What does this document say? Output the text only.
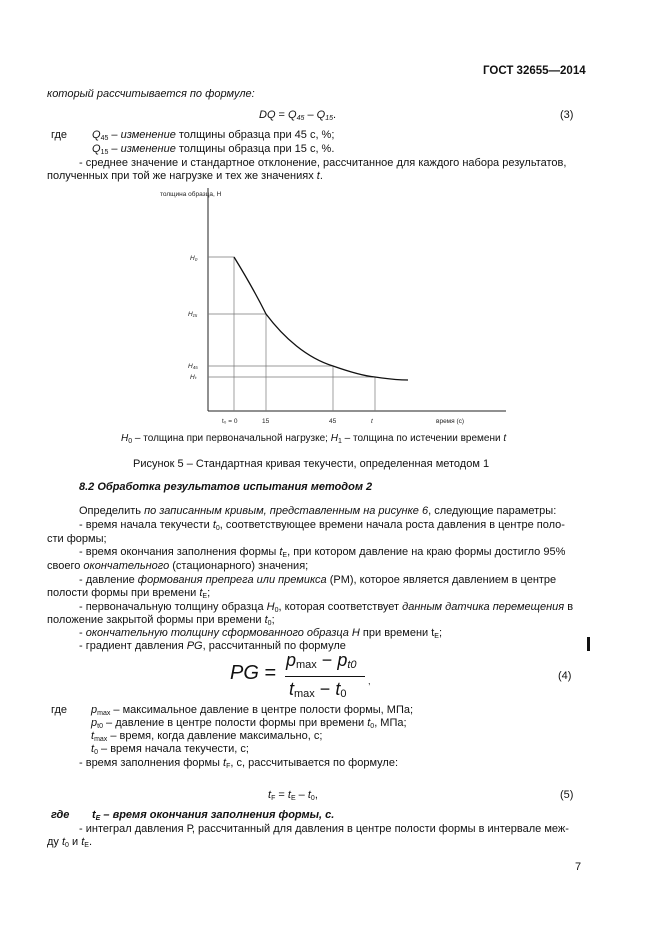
ГОСТ 32655—2014
который рассчитывается по формуле:
DQ = $Q_{45} - Q_{15}$.	(3)
где $Q_{45}$ – изменение толщины образца при 45 с, %;
$Q_{15}$ – изменение толщины образца при 15 с, %.
- среднее значение и стандартное отклонение, рассчитанное для каждого набора результатов,
полученных при той же нагрузке и тех же значениях t.
толщина образца, Н
время (с)
H₀
H₁₅
H₄₅
Hₜ
t₀ = 0	15	45	t
$H_0$ – толщина при первоначальной нагрузке; $H_1$ – толщина по истечении времени t
Рисунок 5 – Стандартная кривая текучести, определенная методом 1
8.2 Обработка результатов испытания методом 2
Определить по записанным кривым, представленным на рисунке 6, следующие параметры:
- время начала текучести $t_0$, соответствующее времени начала роста давления в центре поло-
сти формы;
- время окончания заполнения формы $t_E$, при котором давление на краю формы достигло 95%
своего окончательного (стационарного) значения;
- давление формования препрега или премикса (PM), которое является давлением в центре
полости формы при времени $t_E$;
- первоначальную толщину образца $H_0$, которая соответствует данным датчика перемещения в
положение закрытой формы при времени $t_0$;
- окончательную толщину сформованного образца H при времени $t_E$;
- градиент давления PG, рассчитанный по формуле
PG =
$p_{max} - p_{t0}$
$t_{max} - t_0$
,	(4)
где $p_{max}$ – максимальное давление в центре полости формы, МПа;
$p_{t0}$ – давление в центре полости формы при времени $t_0$, МПа;
$t_{max}$ – время, когда давление максимально, с;
$t_0$ – время начала текучести, с;
- время заполнения формы $t_F$, с, рассчитывается по формуле:
$t_F = t_E - t_0$,	(5)
где $t_E$ – время окончания заполнения формы, с.
- интеграл давления Р, рассчитанный для давления в центре полости формы в интервале меж-
ду $t_0$ и $t_E$.
7
